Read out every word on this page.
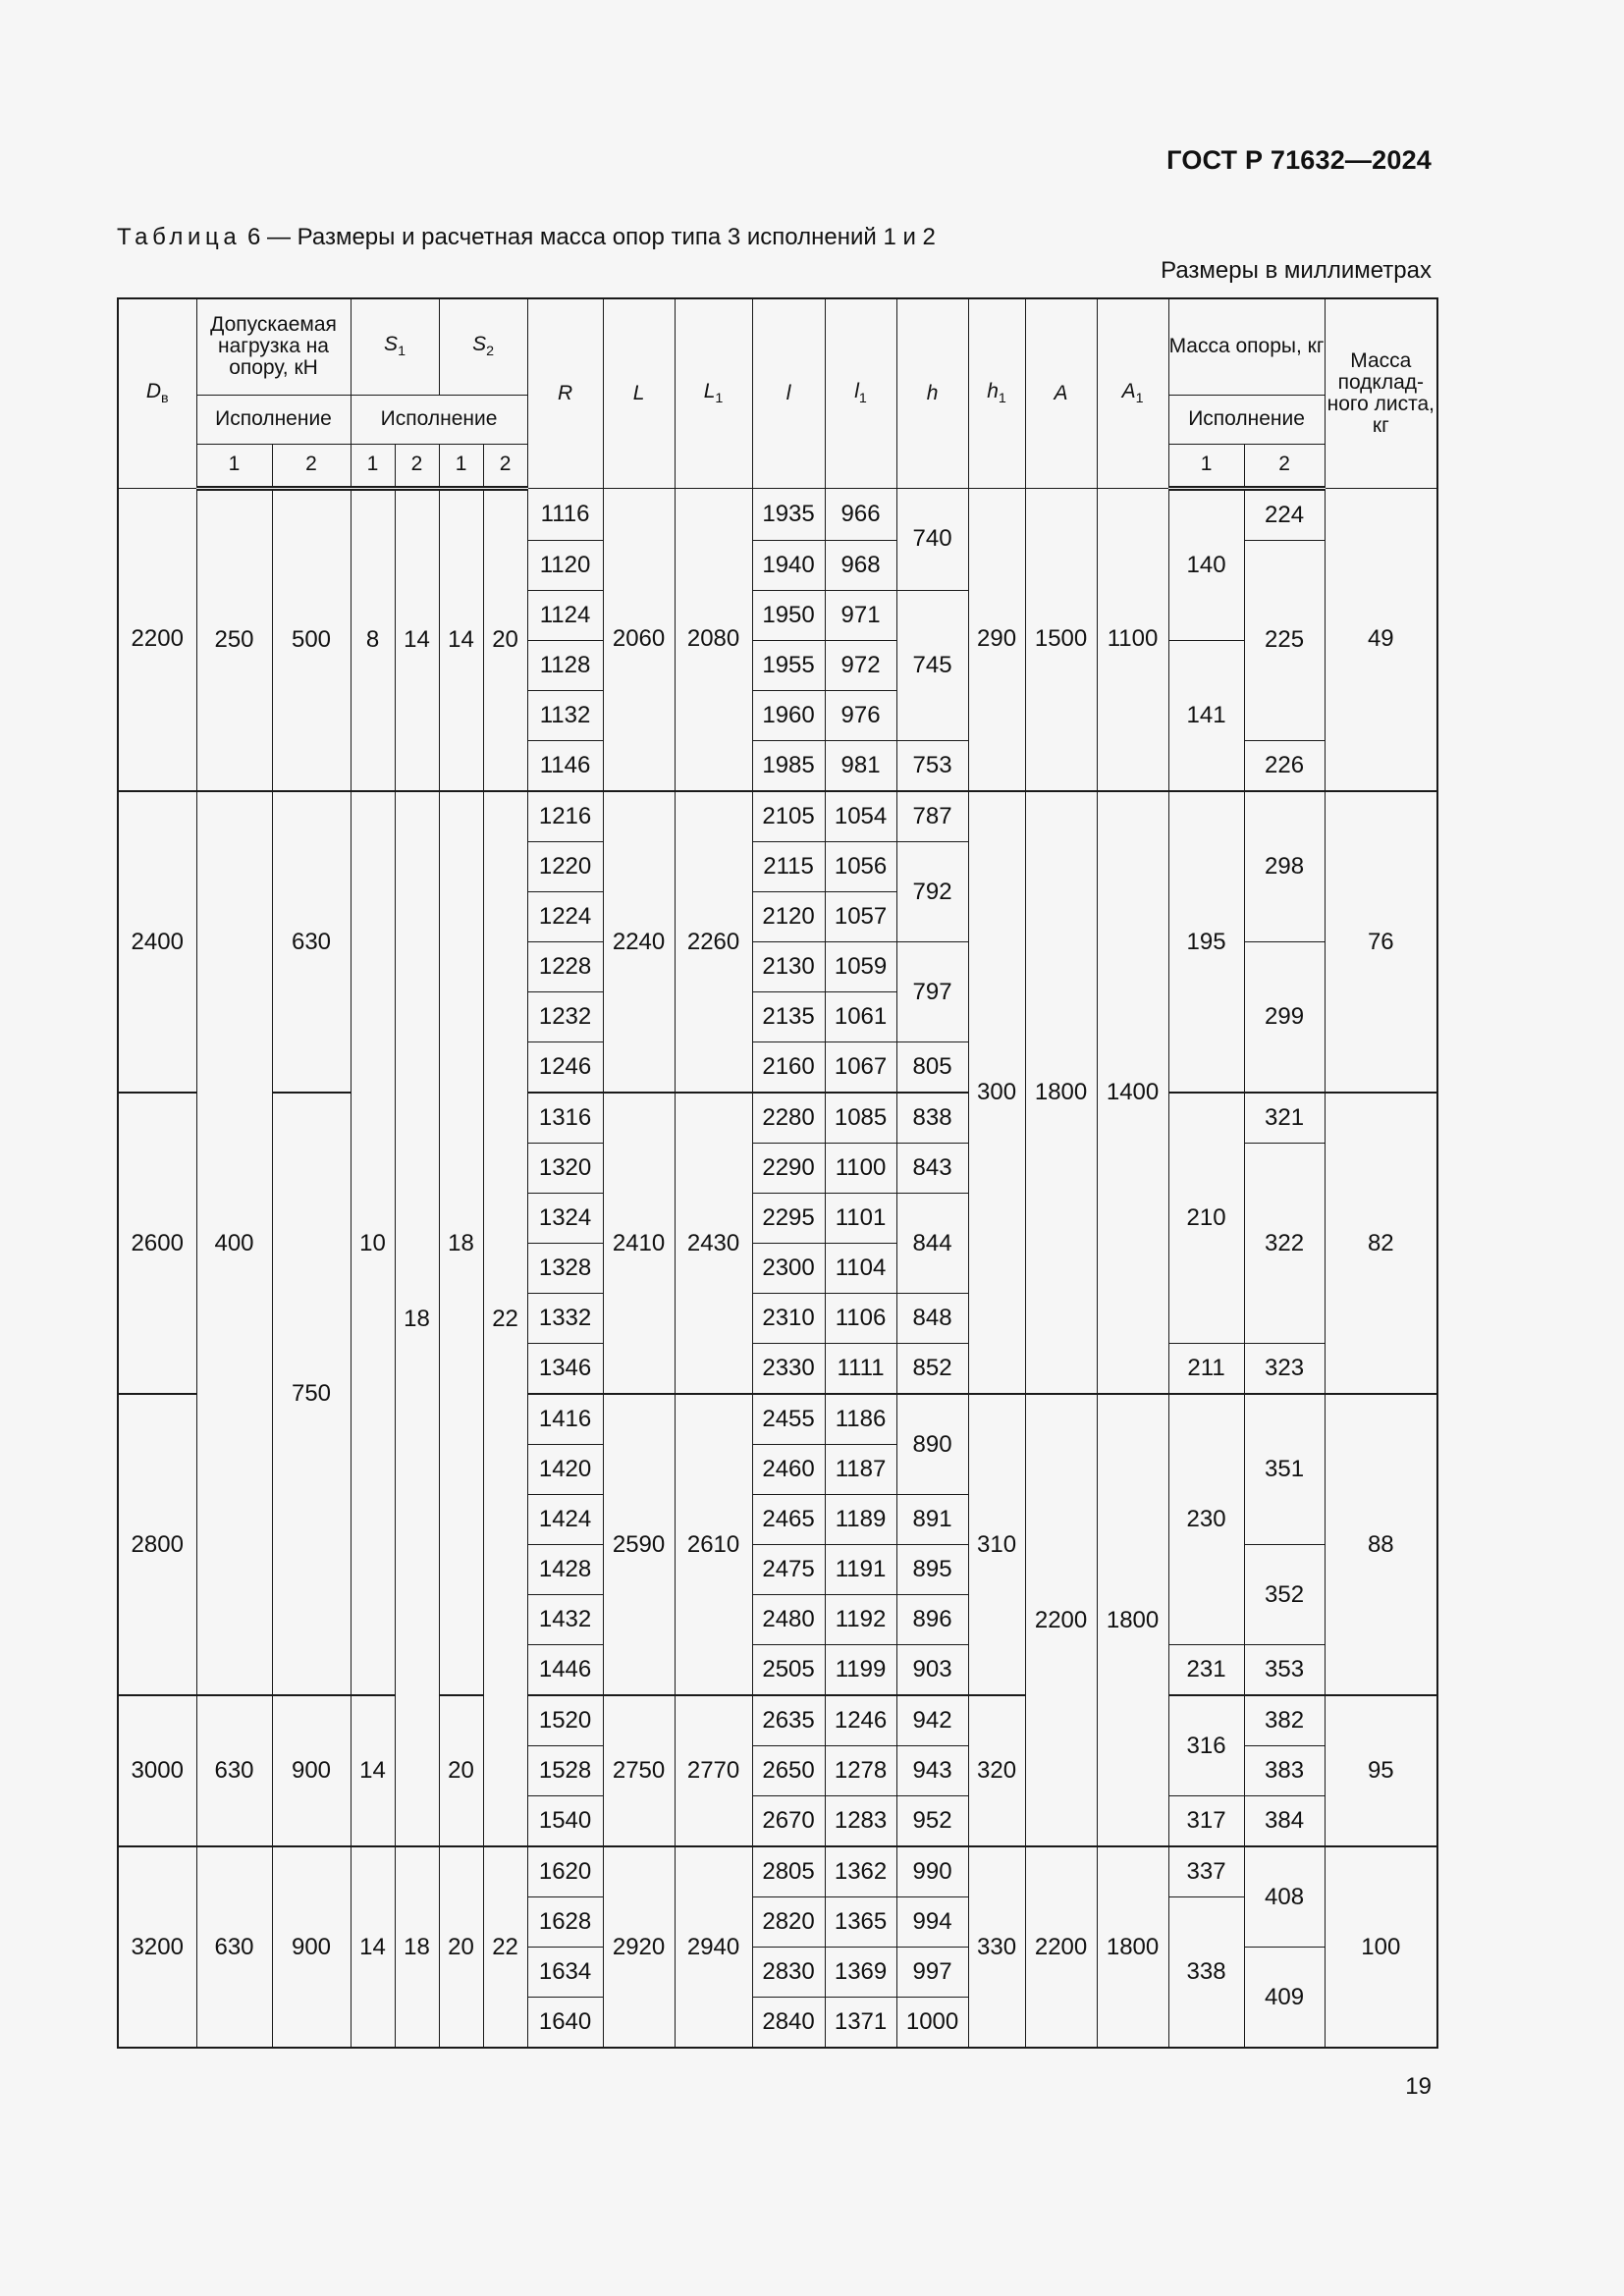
ГОСТ Р 71632—2024
Таблица 6 — Размеры и расчетная масса опор типа 3 исполнений 1 и 2
Размеры в миллиметрах
$D_в$	Допускаемая нагрузка на опору, кН		$S_1$		$S_2$		R	L	$L_1$	l	$l_1$	h	$h_1$	A	$A_1$	Масса опоры, кг		Масса подклад-ного листа, кг
	Исполнение		Исполнение													Исполнение		
	1	2	1	2	1	2										1	2	
2200	250	500	8	14	14	20	1116	2060	2080	1935	966	740	290	1500	1100	140	224	49
							1120			1940	968						225	
							1124			1950	971	745						
							1128			1955	972					141		
							1132			1960	976							
							1146			1985	981	753					226	
2400	400	630	10	18	18	22	1216	2240	2260	2105	1054	787	300	1800	1400	195	298	76
							1220			2115	1056	792						
							1224			2120	1057							
							1228			2130	1059	797					299	
							1232			2135	1061							
							1246			2160	1067	805						
2600		750					1316	2410	2430	2280	1085	838				210	321	82
							1320			2290	1100	843					322	
							1324			2295	1101	844						
							1328			2300	1104							
							1332			2310	1106	848						
							1346			2330	1111	852				211	323	
2800							1416	2590	2610	2455	1186	890	310	2200	1800	230	351	88
							1420			2460	1187							
							1424			2465	1189	891						
							1428			2475	1191	895					352	
							1432			2480	1192	896						
							1446			2505	1199	903				231	353	
3000	630	900	14		20		1520	2750	2770	2635	1246	942	320			316	382	95
							1528			2650	1278	943					383	
							1540			2670	1283	952				317	384	
3200	630	900	14	18	20	22	1620	2920	2940	2805	1362	990	330	2200	1800	337	408	100
							1628			2820	1365	994				338		
							1634			2830	1369	997					409	
							1640			2840	1371	1000						
19
